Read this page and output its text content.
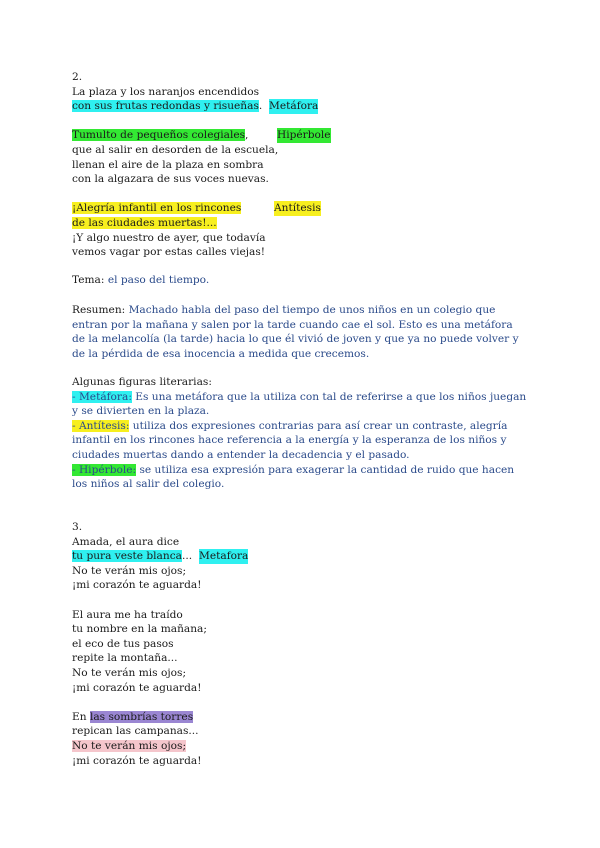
2.
La plaza y los naranjos encendidos
con sus frutas redondas y risueñas.
Tumulto de pequeños colegiales,
que al salir en desorden de la escuela,
llenan el aire de la plaza en sombra
con la algazara de sus voces nuevas.
¡Alegría infantil en los rincones
de las ciudades muertas!...
¡Y algo nuestro de ayer, que todavía
vemos vagar por estas calles viejas!
Metáfora
Hipérbole
Antítesis
Tema: el paso del tiempo.
Resumen: Machado habla del paso del tiempo de unos niños en un colegio que entran por la mañana y salen por la tarde cuando cae el sol. Esto es una metáfora de la melancolía (la tarde) hacia lo que él vivió de joven y que ya no puede volver y de la pérdida de esa inocencia a medida que crecemos.
Algunas figuras literarias:
- Metáfora: Es una metáfora que la utiliza con tal de referirse a que los niños juegan y se divierten en la plaza.
- Antítesis: utiliza dos expresiones contrarias para así crear un contraste, alegría infantil en los rincones hace referencia a la energía y la esperanza de los niños y ciudades muertas dando a entender la decadencia y el pasado.
- Hipérbole: se utiliza esa expresión para exagerar la cantidad de ruido que hacen los niños al salir del colegio.
3.
Amada, el aura dice
tu pura veste blanca...
No te verán mis ojos;
¡mi corazón te aguarda!
El aura me ha traído
tu nombre en la mañana;
el eco de tus pasos
repite la montaña...
No te verán mis ojos;
¡mi corazón te aguarda!
En las sombrías torres
repican las campanas...
No te verán mis ojos;
¡mi corazón te aguarda!
Metafora
